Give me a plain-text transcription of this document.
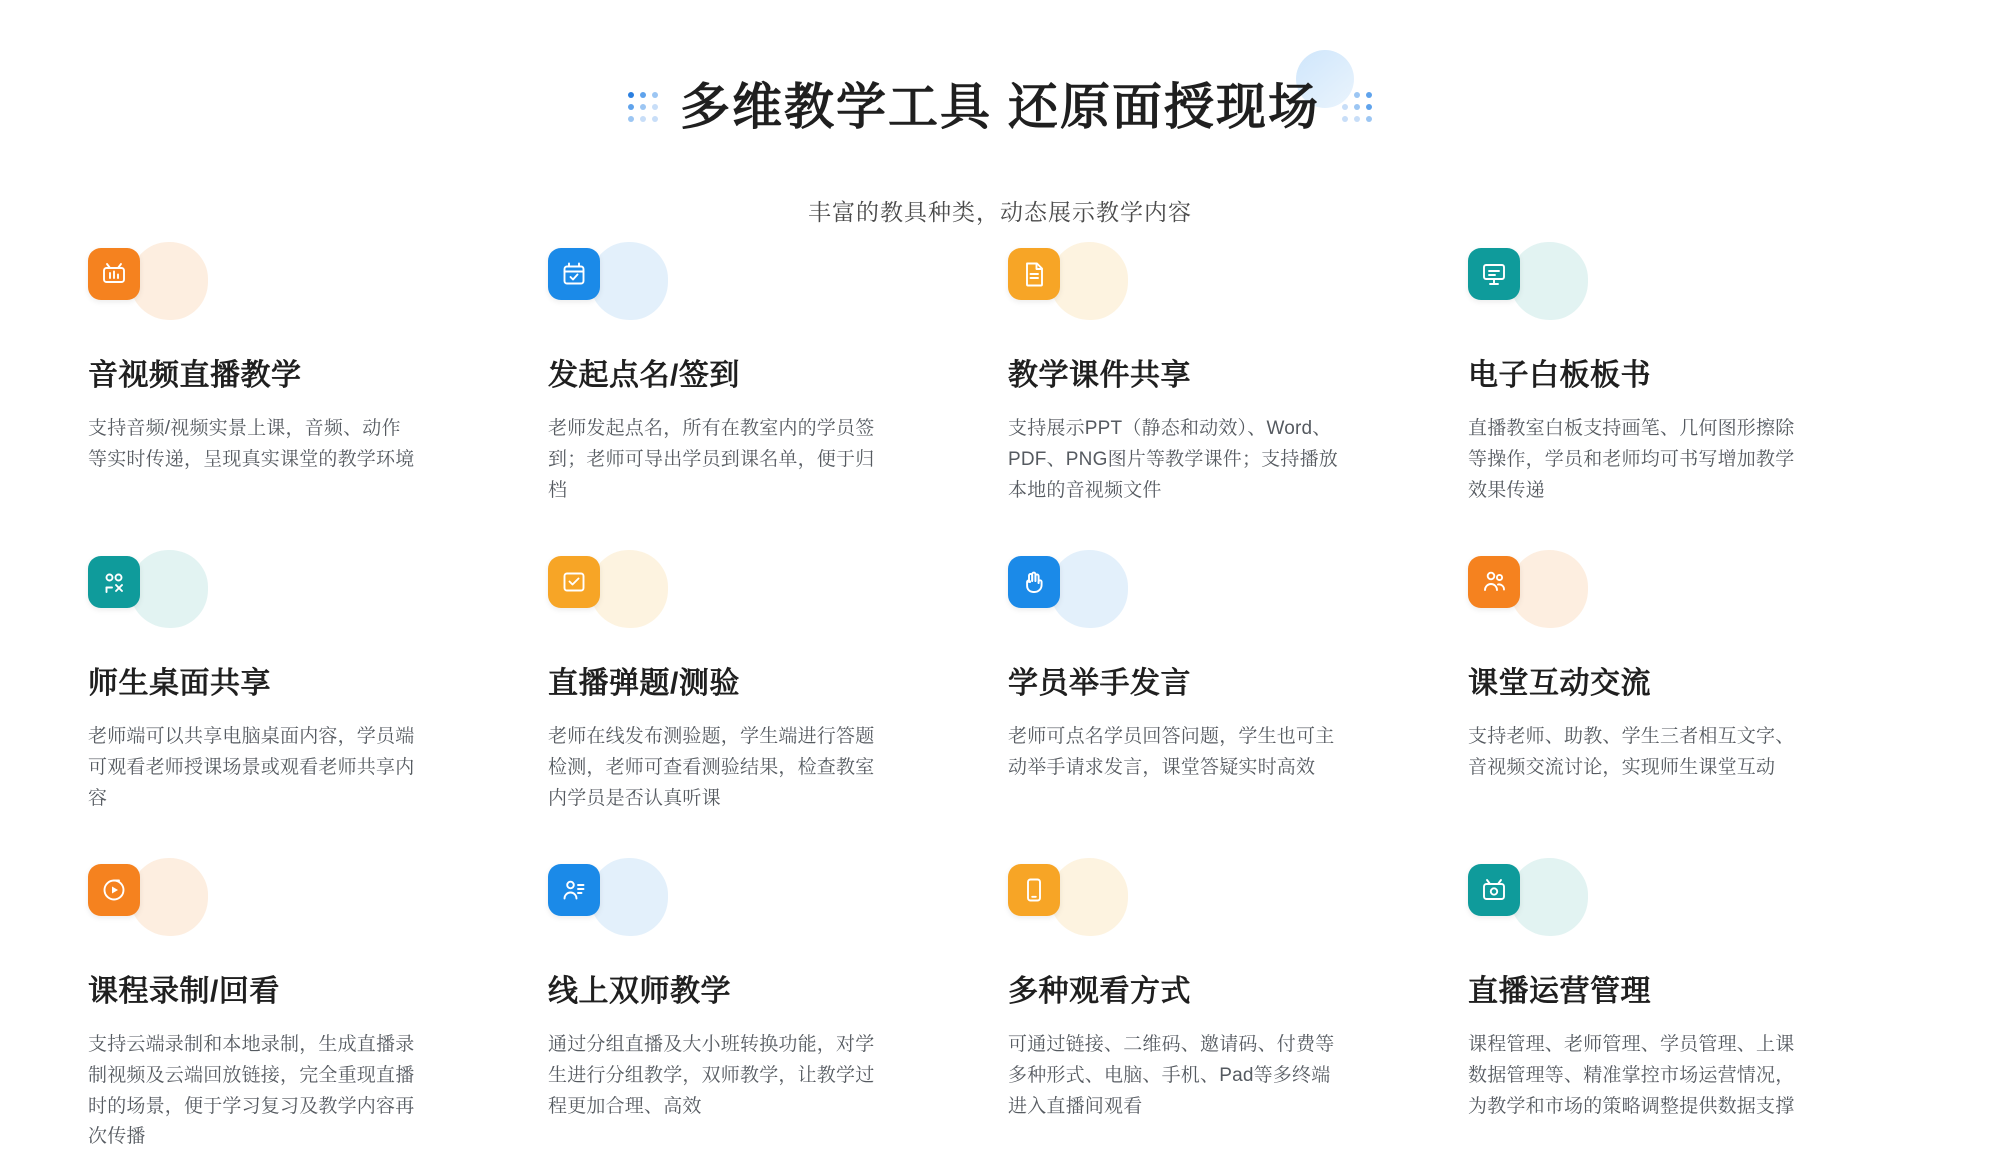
多维教学工具 还原面授现场
丰富的教具种类，动态展示教学内容
音视频直播教学

支持音频/视频实景上课，音频、动作等实时传递，呈现真实课堂的教学环境

发起点名/签到

老师发起点名，所有在教室内的学员签到；老师可导出学员到课名单，便于归档

教学课件共享

支持展示PPT（静态和动效）、Word、PDF、PNG图片等教学课件；支持播放本地的音视频文件

电子白板板书

直播教室白板支持画笔、几何图形擦除等操作，学员和老师均可书写增加教学效果传递

师生桌面共享

老师端可以共享电脑桌面内容，学员端可观看老师授课场景或观看老师共享内容

直播弹题/测验

老师在线发布测验题，学生端进行答题检测，老师可查看测验结果，检查教室内学员是否认真听课

学员举手发言

老师可点名学员回答问题，学生也可主动举手请求发言，课堂答疑实时高效

课堂互动交流

支持老师、助教、学生三者相互文字、音视频交流讨论，实现师生课堂互动

课程录制/回看

支持云端录制和本地录制，生成直播录制视频及云端回放链接，完全重现直播时的场景，便于学习复习及教学内容再次传播

线上双师教学

通过分组直播及大小班转换功能，对学生进行分组教学，双师教学，让教学过程更加合理、高效

多种观看方式

可通过链接、二维码、邀请码、付费等多种形式、电脑、手机、Pad等多终端进入直播间观看

直播运营管理

课程管理、老师管理、学员管理、上课数据管理等、精准掌控市场运营情况，为教学和市场的策略调整提供数据支撑
